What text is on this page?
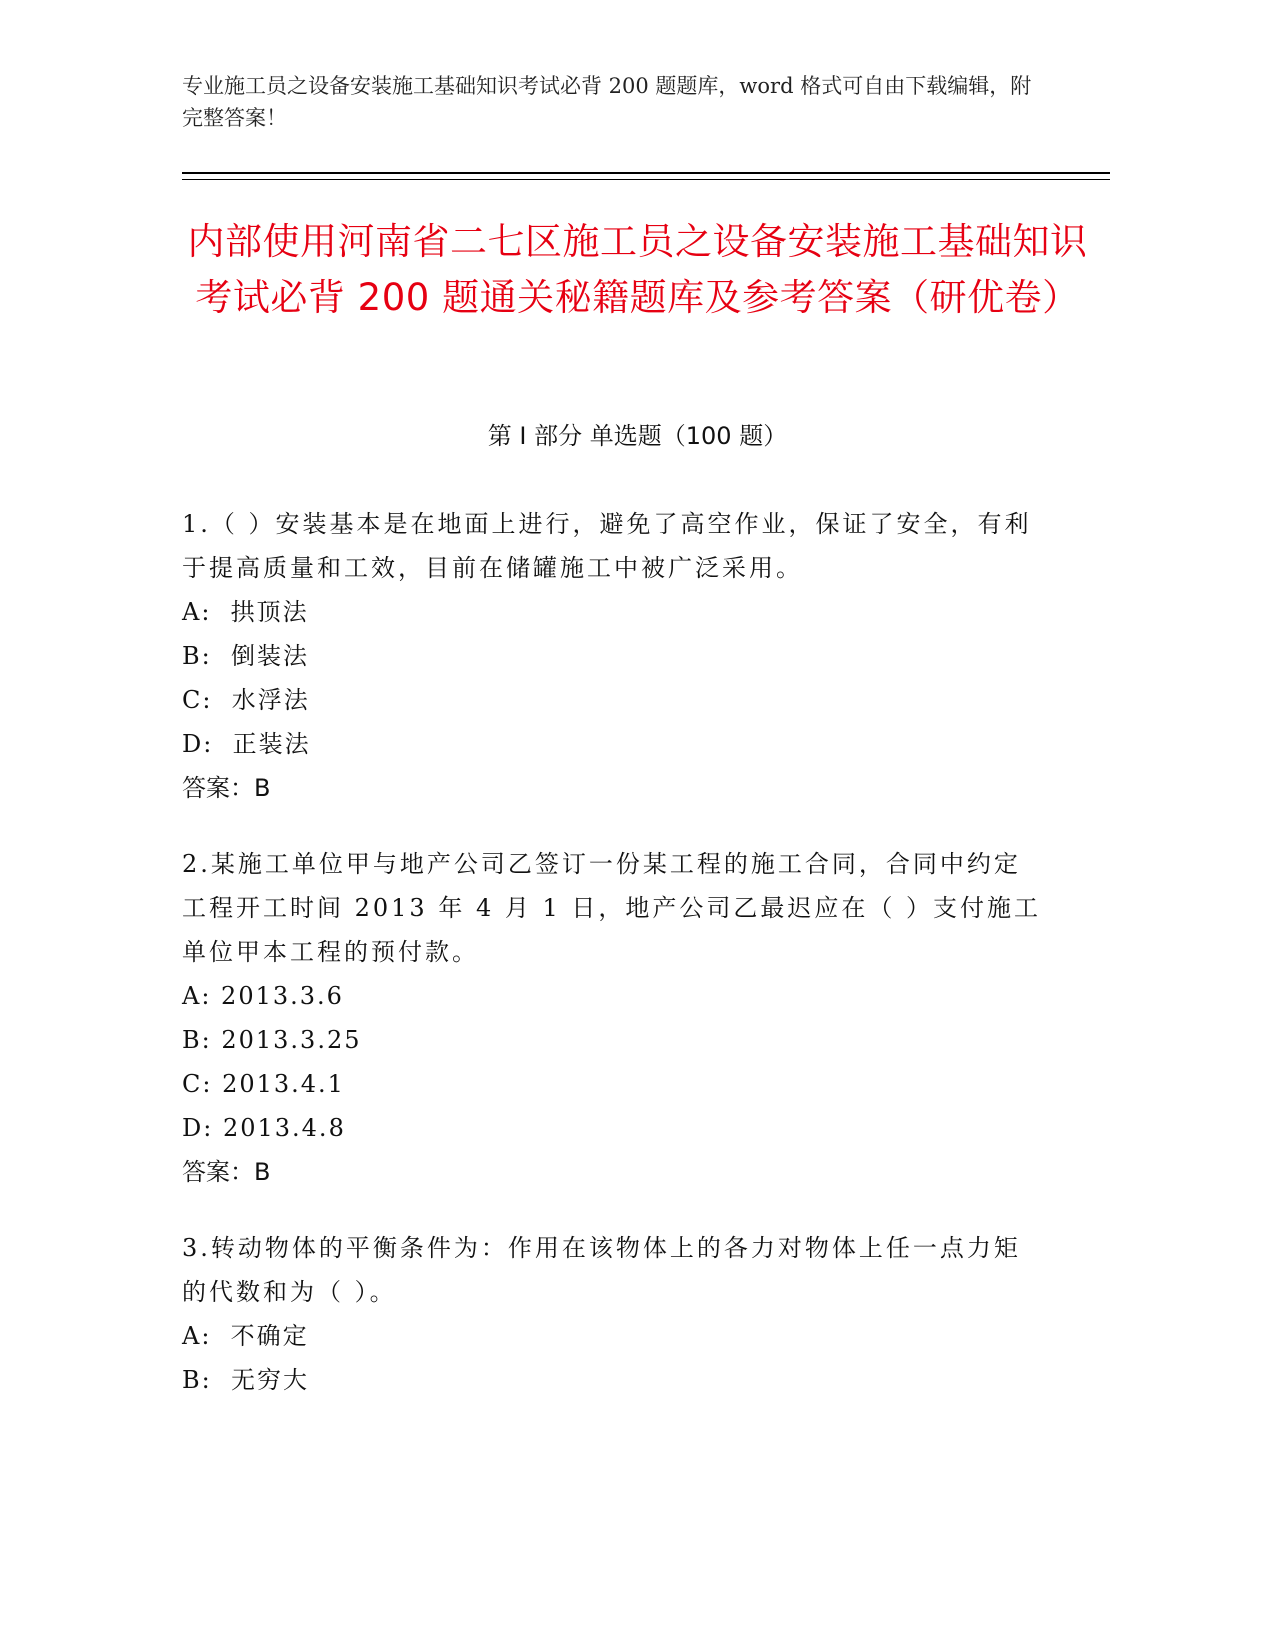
专业施工员之设备安装施工基础知识考试必背 200 题题库，word 格式可自由下载编辑，附完整答案！
内部使用河南省二七区施工员之设备安装施工基础知识考试必背 200 题通关秘籍题库及参考答案（研优卷）
第 I 部分 单选题（100 题）
1.（ ）安装基本是在地面上进行，避免了高空作业，保证了安全，有利于提高质量和工效，目前在储罐施工中被广泛采用。
A:  拱顶法
B:  倒装法
C:  水浮法
D:  正装法
答案：B
2.某施工单位甲与地产公司乙签订一份某工程的施工合同，合同中约定工程开工时间 2013 年 4 月 1 日，地产公司乙最迟应在（ ）支付施工单位甲本工程的预付款。
A: 2013.3.6
B: 2013.3.25
C: 2013.4.1
D: 2013.4.8
答案：B
3.转动物体的平衡条件为：作用在该物体上的各力对物体上任一点力矩的代数和为（ ）。
A:  不确定
B:  无穷大
